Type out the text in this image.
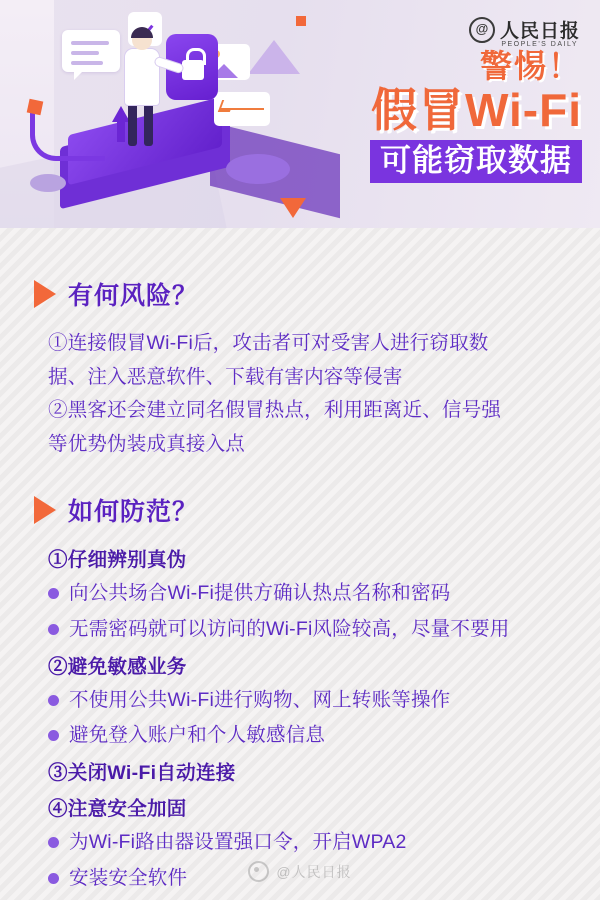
@ 人民日报
PEOPLE'S DAILY
警惕！
假冒Wi-Fi
可能窃取数据
有何风险？

①连接假冒Wi-Fi后，攻击者可对受害人进行窃取数

据、注入恶意软件、下载有害内容等侵害

②黑客还会建立同名假冒热点，利用距离近、信号强

等优势伪装成真接入点

如何防范？
①仔细辨别真伪
向公共场合Wi-Fi提供方确认热点名称和密码
无需密码就可以访问的Wi-Fi风险较高，尽量不要用
②避免敏感业务
不使用公共Wi-Fi进行购物、网上转账等操作
避免登入账户和个人敏感信息
③关闭Wi-Fi自动连接
④注意安全加固
为Wi-Fi路由器设置强口令，开启WPA2
安装安全软件	@人民日报
